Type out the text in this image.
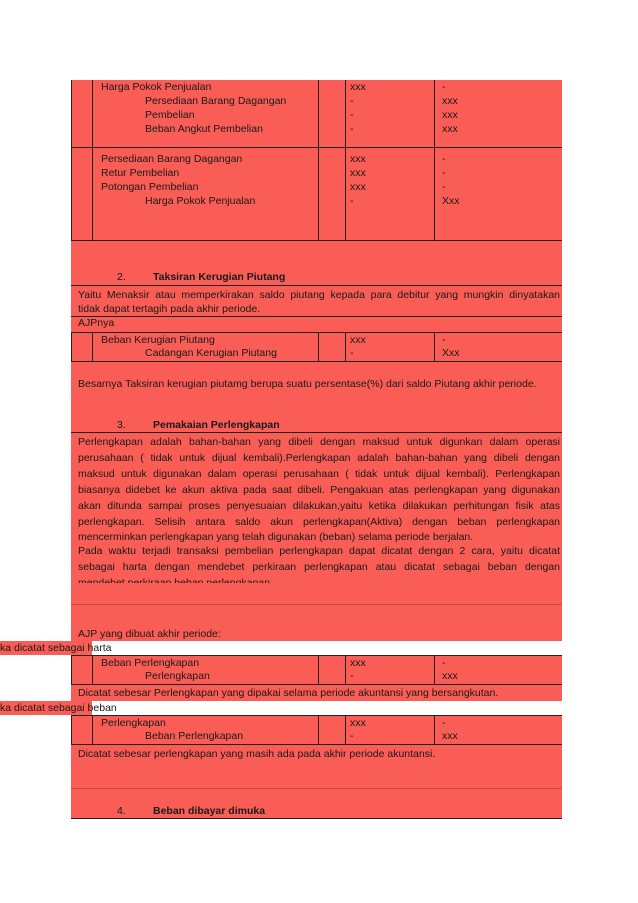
Harga Pokok Penjualan	xxx	-
Persediaan Barang Dagangan	-	xxx
Pembelian	-	xxx
Beban Angkut Pembelian	-	xxx
Persediaan Barang Dagangan	xxx	-
Retur Pembelian	xxx	-
Potongan Pembelian	xxx	-
Harga Pokok Penjualan	-	Xxx
2.	Taksiran Kerugian Piutang
Yaitu Menaksir atau memperkirakan saldo piutang kepada para debitur yang mungkin dinyatakan
tidak dapat tertagih pada akhir periode.
AJPnya
Beban Kerugian Piutang	xxx	-
Cadangan Kerugian Piutang	-	Xxx
Besarnya Taksiran kerugian piutamg berupa suatu persentase(%) dari saldo Piutang akhir periode.
3.	Pemakaian Perlengkapan
Perlengkapan adalah bahan-bahan yang dibeli dengan maksud untuk digunkan dalam operasi
perusahaan ( tidak untuk dijual kembali).Perlengkapan adalah bahan-bahan yang dibeli dengan
maksud untuk digunakan dalam operasi perusahaan ( tidak untuk dijual kembali). Perlengkapan
biasanya didebet ke akun aktiva pada saat dibeli. Pengakuan atas perlengkapan yang digunakan
akan ditunda sampai proses penyesuaian dilakukan,yaitu ketika dilakukan perhitungan fisik atas
perlengkapan. Selisih antara saldo akun perlengkapan(Aktiva) dengan beban perlengkapan
mencerminkan perlengkapan yang telah digunakan (beban) selama periode berjalan.
Pada waktu terjadi transaksi pembelian perlengkapan dapat dicatat dengan 2 cara, yaitu dicatat
sebagai harta dengan mendebet perkiraan perlengkapan atau dicatat sebagai beban dengan
AJP yang dibuat akhir periode:
ka dicatat sebagai harta
Beban Perlengkapan	xxx	-
Perlengkapan	-	xxx
Dicatat sebesar Perlengkapan yang dipakai selama periode akuntansi yang bersangkutan.
ka dicatat sebagai beban
Perlengkapan	xxx	-
Beban Perlengkapan	-	xxx
Dicatat sebesar perlengkapan yang masih ada pada akhir periode akuntansi.
4.	Beban dibayar dimuka
